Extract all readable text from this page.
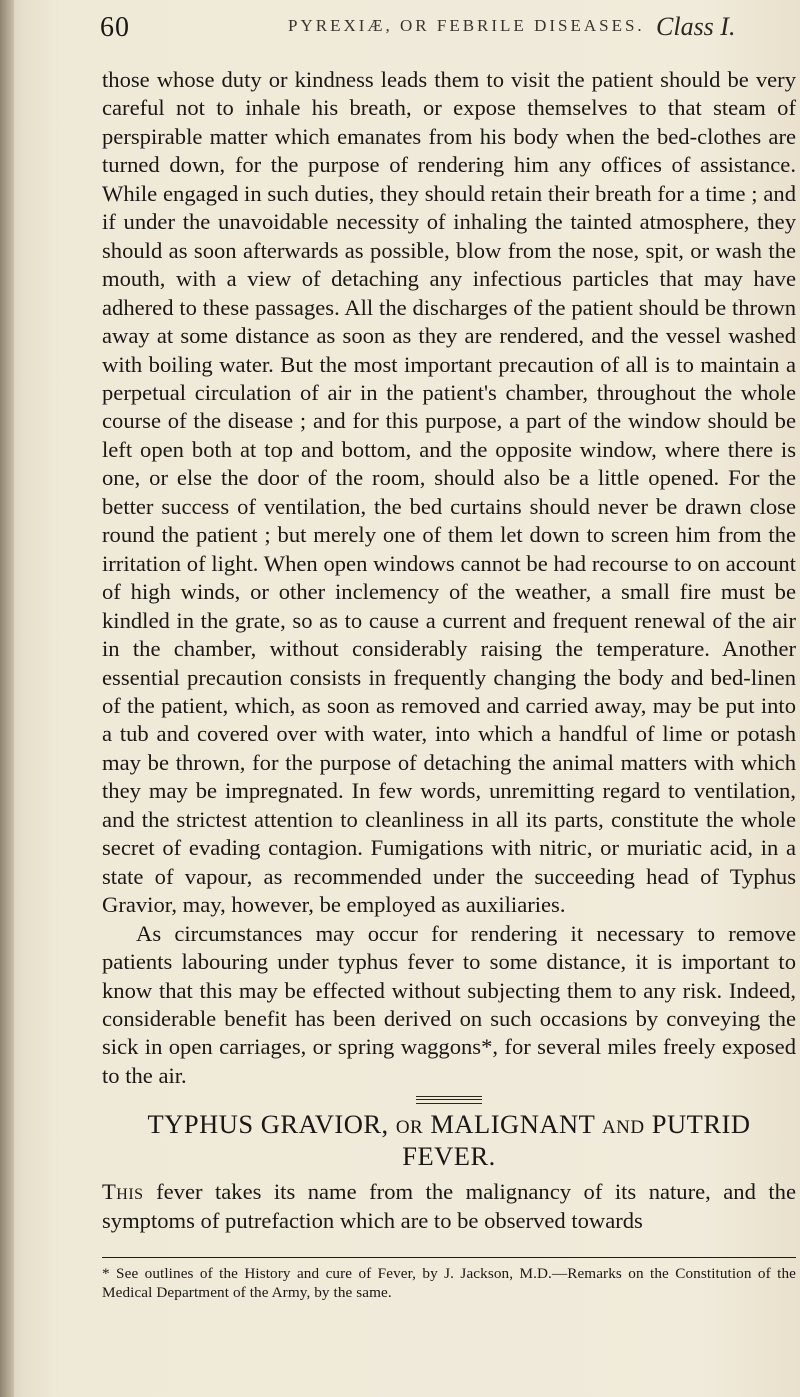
60	PYREXIÆ, OR FEBRILE DISEASES. Class I.

those whose duty or kindness leads them to visit the patient should be very careful not to inhale his breath, or expose themselves to that steam of perspirable matter which emanates from his body when the bed-clothes are turned down, for the purpose of rendering him any offices of assistance. While engaged in such duties, they should retain their breath for a time ; and if under the unavoidable necessity of inhaling the tainted atmosphere, they should as soon afterwards as possible, blow from the nose, spit, or wash the mouth, with a view of detaching any infectious particles that may have adhered to these passages. All the discharges of the patient should be thrown away at some distance as soon as they are rendered, and the vessel washed with boiling water. But the most important precaution of all is to maintain a perpetual circulation of air in the patient's chamber, throughout the whole course of the disease ; and for this purpose, a part of the window should be left open both at top and bottom, and the opposite window, where there is one, or else the door of the room, should also be a little opened. For the better success of ventilation, the bed curtains should never be drawn close round the patient ; but merely one of them let down to screen him from the irritation of light. When open windows cannot be had recourse to on account of high winds, or other inclemency of the weather, a small fire must be kindled in the grate, so as to cause a current and frequent renewal of the air in the chamber, without considerably raising the temperature. Another essential precaution consists in frequently changing the body and bed-linen of the patient, which, as soon as removed and carried away, may be put into a tub and covered over with water, into which a handful of lime or potash may be thrown, for the purpose of detaching the animal matters with which they may be impregnated. In few words, unremitting regard to ventilation, and the strictest attention to cleanliness in all its parts, constitute the whole secret of evading contagion. Fumigations with nitric, or muriatic acid, in a state of vapour, as recommended under the succeeding head of Typhus Gravior, may, however, be employed as auxiliaries.

As circumstances may occur for rendering it necessary to remove patients labouring under typhus fever to some distance, it is important to know that this may be effected without subjecting them to any risk. Indeed, considerable benefit has been derived on such occasions by conveying the sick in open carriages, or spring waggons*, for several miles freely exposed to the air.

TYPHUS GRAVIOR, OR MALIGNANT AND PUTRID
FEVER.

This fever takes its name from the malignancy of its nature, and the symptoms of putrefaction which are to be observed towards

* See outlines of the History and cure of Fever, by J. Jackson, M.D.—Remarks on the Constitution of the Medical Department of the Army, by the same.
